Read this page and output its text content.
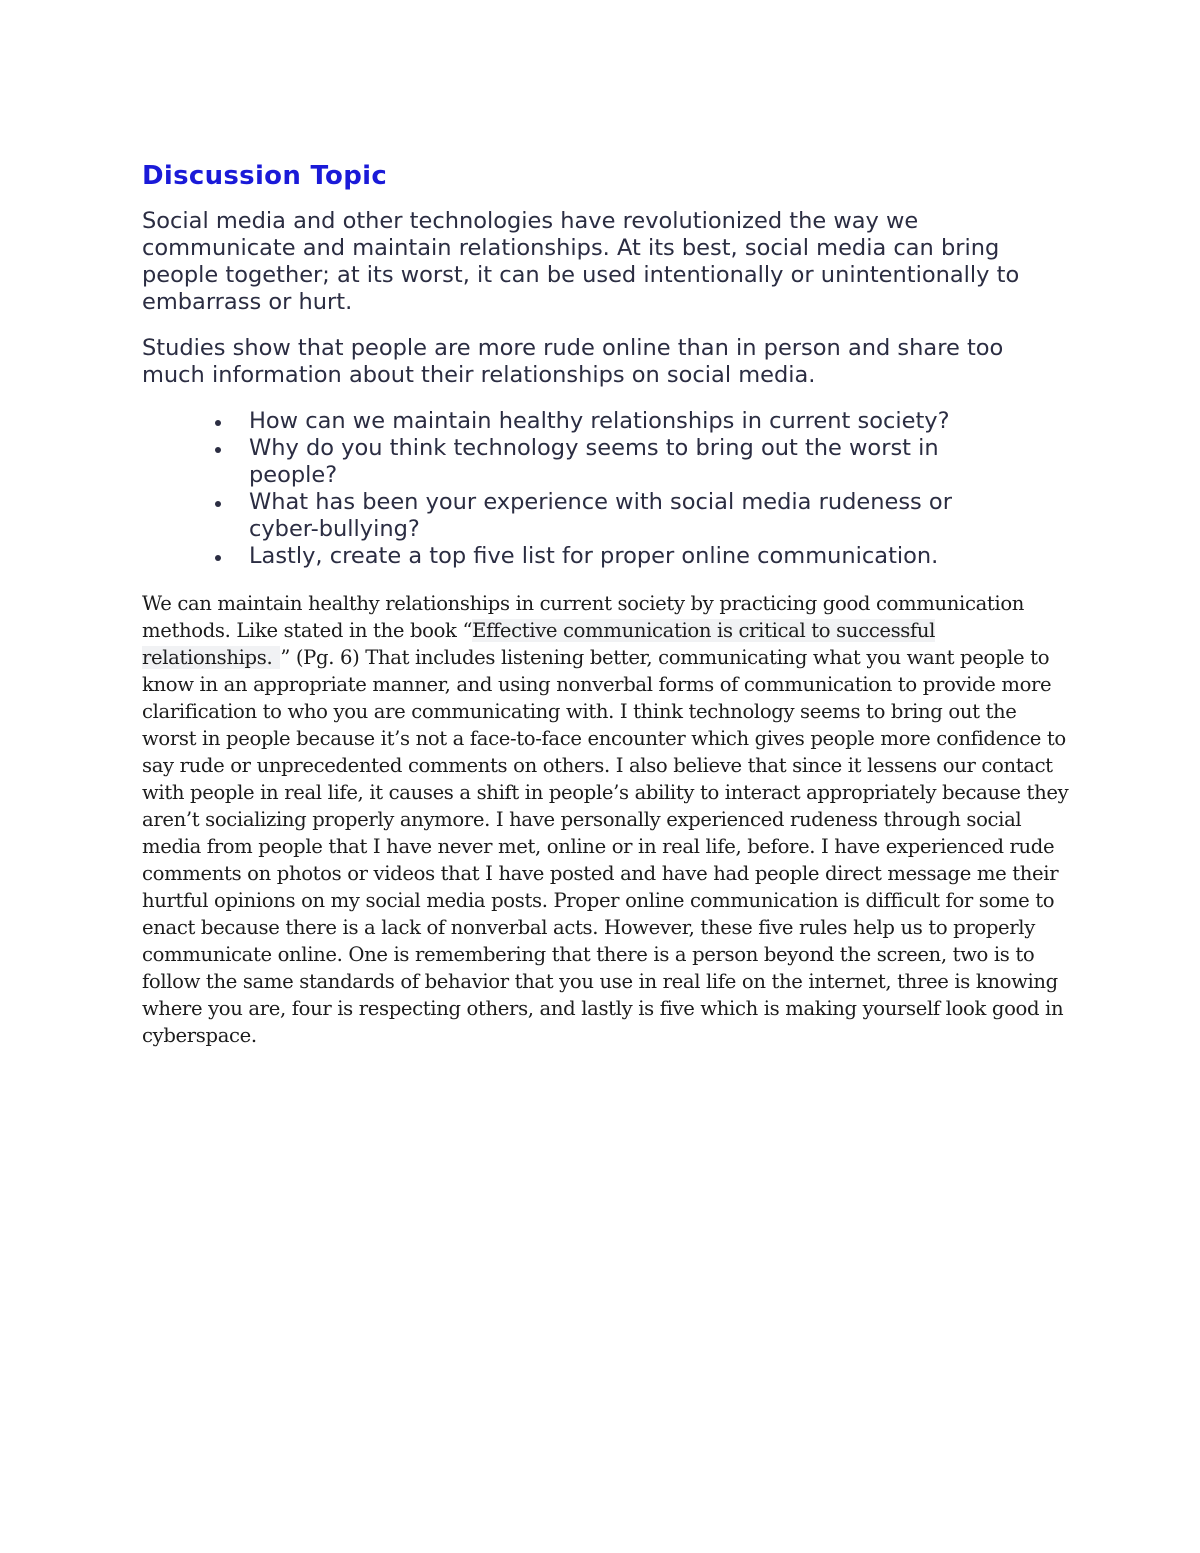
Discussion Topic

Social media and other technologies have revolutionized the way we communicate and maintain relationships. At its best, social media can bring people together; at its worst, it can be used intentionally or unintentionally to embarrass or hurt.

Studies show that people are more rude online than in person and share too much information about their relationships on social media.

How can we maintain healthy relationships in current society?
Why do you think technology seems to bring out the worst in people?
What has been your experience with social media rudeness or cyber-bullying?
Lastly, create a top five list for proper online communication.

We can maintain healthy relationships in current society by practicing good communication methods. Like stated in the book “Effective communication is critical to successful relationships. ” (Pg. 6) That includes listening better, communicating what you want people to know in an appropriate manner, and using nonverbal forms of communication to provide more clarification to who you are communicating with. I think technology seems to bring out the worst in people because it’s not a face-to-face encounter which gives people more confidence to say rude or unprecedented comments on others. I also believe that since it lessens our contact with people in real life, it causes a shift in people’s ability to interact appropriately because they aren’t socializing properly anymore. I have personally experienced rudeness through social media from people that I have never met, online or in real life, before. I have experienced rude comments on photos or videos that I have posted and have had people direct message me their hurtful opinions on my social media posts. Proper online communication is difficult for some to enact because there is a lack of nonverbal acts. However, these five rules help us to properly communicate online. One is remembering that there is a person beyond the screen, two is to follow the same standards of behavior that you use in real life on the internet, three is knowing where you are, four is respecting others, and lastly is five which is making yourself look good in cyberspace.
